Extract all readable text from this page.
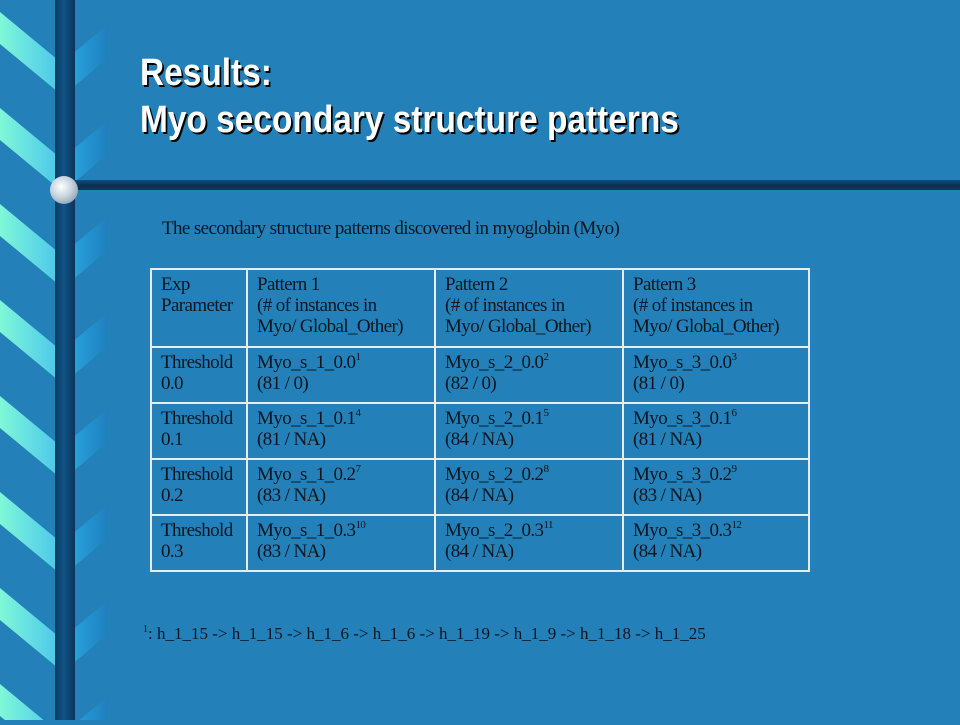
Results:
Myo secondary structure patterns

The secondary structure patterns discovered in myoglobin (Myo)

Exp
Parameter	Pattern 1
(# of instances in
Myo/ Global_Other)	Pattern 2
(# of instances in
Myo/ Global_Other)	Pattern 3
(# of instances in
Myo/ Global_Other)

Threshold
0.0	$Myo\_s\_1\_0.0^1$
(81 / 0)	$Myo\_s\_2\_0.0^2$
(82 / 0)	$Myo\_s\_3\_0.0^3$
(81 / 0)

Threshold
0.1	$Myo\_s\_1\_0.1^4$
(81 / NA)	$Myo\_s\_2\_0.1^5$
(84 / NA)	$Myo\_s\_3\_0.1^6$
(81 / NA)

Threshold
0.2	$Myo\_s\_1\_0.2^7$
(83 / NA)	$Myo\_s\_2\_0.2^8$
(84 / NA)	$Myo\_s\_3\_0.2^9$
(83 / NA)

Threshold
0.3	$Myo\_s\_1\_0.3^{10}$
(83 / NA)	$Myo\_s\_2\_0.3^{11}$
(84 / NA)	$Myo\_s\_3\_0.3^{12}$
(84 / NA)

$^1$: h_1_15 -> h_1_15 -> h_1_6 -> h_1_6 -> h_1_19 -> h_1_9 -> h_1_18 -> h_1_25
